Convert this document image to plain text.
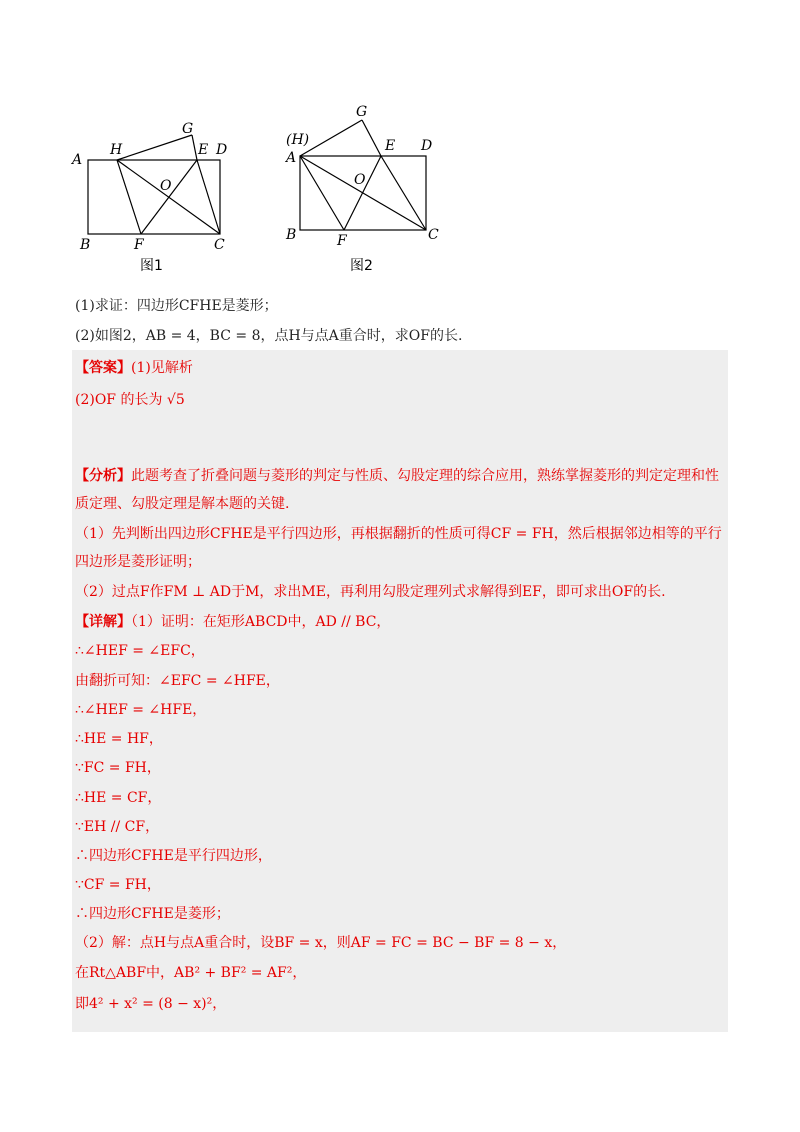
A
H
G
E D
O
B	F	C
图1
(H)
A
G
E D
O
B	F	C
图2
(1)求证：四边形CFHE是菱形；
(2)如图2，AB = 4，BC = 8，点H与点A重合时，求OF的长.
【答案】(1)见解析
(2)OF 的长为 √5
【分析】此题考查了折叠问题与菱形的判定与性质、勾股定理的综合应用，熟练掌握菱形的判定定理和性
质定理、勾股定理是解本题的关键.
（1）先判断出四边形CFHE是平行四边形，再根据翻折的性质可得CF = FH，然后根据邻边相等的平行
四边形是菱形证明；
（2）过点F作FM ⊥ AD于M，求出ME，再利用勾股定理列式求解得到EF，即可求出OF的长.
【详解】（1）证明：在矩形ABCD中，AD // BC，
∴∠HEF = ∠EFC，
由翻折可知：∠EFC = ∠HFE，
∴∠HEF = ∠HFE，
∴HE = HF，
∵FC = FH，
∴HE = CF，
∵EH // CF，
∴四边形CFHE是平行四边形，
∵CF = FH，
∴四边形CFHE是菱形；
（2）解：点H与点A重合时，设BF = x，则AF = FC = BC − BF = 8 − x，
在Rt△ABF中，AB² + BF² = AF²，
即4² + x² = (8 − x)²，
